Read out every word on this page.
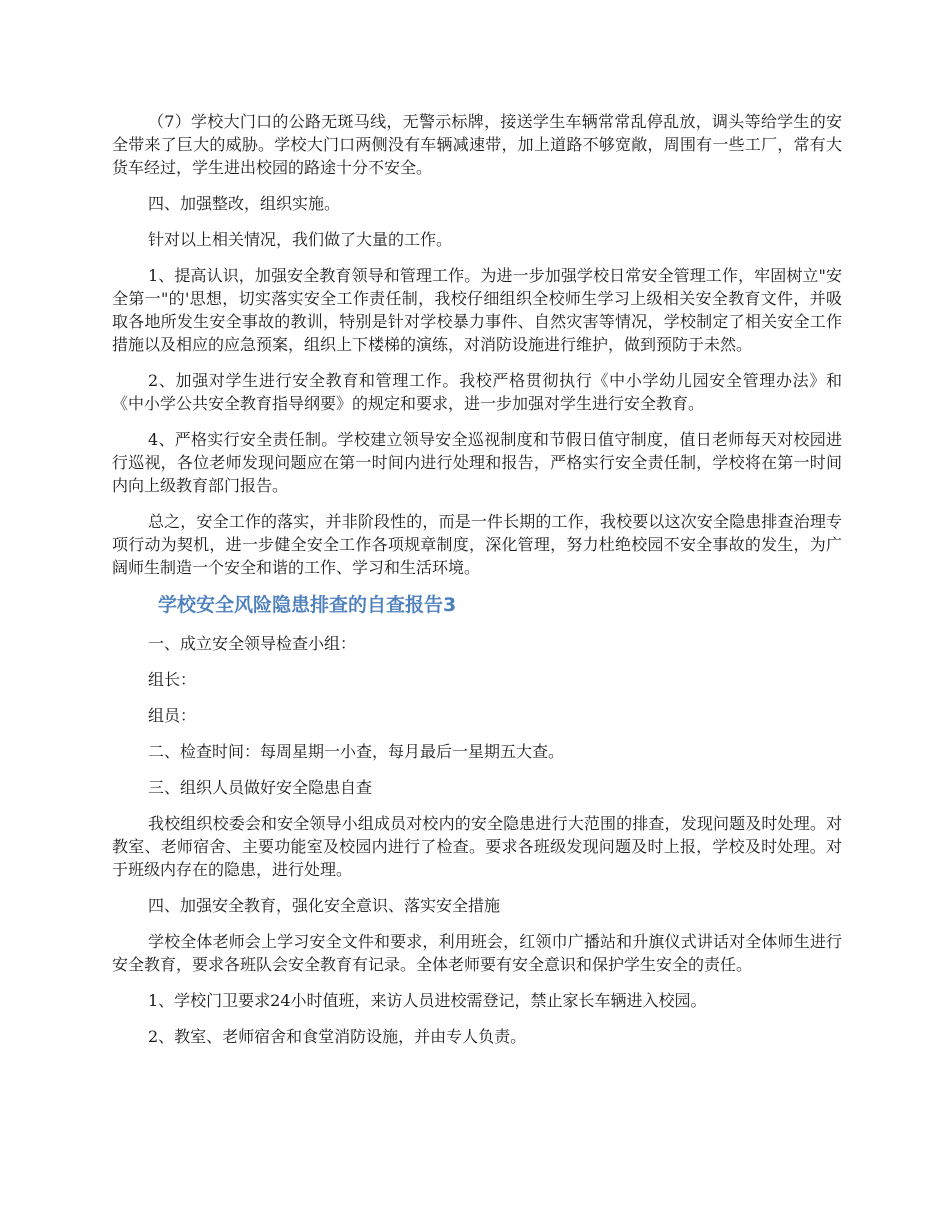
（7）学校大门口的公路无斑马线，无警示标牌，接送学生车辆常常乱停乱放，调头等给学生的安全带来了巨大的威胁。学校大门口两侧没有车辆减速带，加上道路不够宽敞，周围有一些工厂，常有大货车经过，学生进出校园的路途十分不安全。

四、加强整改，组织实施。

针对以上相关情况，我们做了大量的工作。

1、提高认识，加强安全教育领导和管理工作。为进一步加强学校日常安全管理工作，牢固树立"安全第一"的'思想，切实落实安全工作责任制，我校仔细组织全校师生学习上级相关安全教育文件，并吸取各地所发生安全事故的教训，特别是针对学校暴力事件、自然灾害等情况，学校制定了相关安全工作措施以及相应的应急预案，组织上下楼梯的演练，对消防设施进行维护，做到预防于未然。

2、加强对学生进行安全教育和管理工作。我校严格贯彻执行《中小学幼儿园安全管理办法》和《中小学公共安全教育指导纲要》的规定和要求，进一步加强对学生进行安全教育。

4、严格实行安全责任制。学校建立领导安全巡视制度和节假日值守制度，值日老师每天对校园进行巡视，各位老师发现问题应在第一时间内进行处理和报告，严格实行安全责任制，学校将在第一时间内向上级教育部门报告。

总之，安全工作的落实，并非阶段性的，而是一件长期的工作，我校要以这次安全隐患排查治理专项行动为契机，进一步健全安全工作各项规章制度，深化管理，努力杜绝校园不安全事故的发生，为广阔师生制造一个安全和谐的工作、学习和生活环境。

学校安全风险隐患排查的自查报告3

一、成立安全领导检查小组：

组长：

组员：

二、检查时间：每周星期一小查，每月最后一星期五大查。

三、组织人员做好安全隐患自查

我校组织校委会和安全领导小组成员对校内的安全隐患进行大范围的排查，发现问题及时处理。对教室、老师宿舍、主要功能室及校园内进行了检查。要求各班级发现问题及时上报，学校及时处理。对于班级内存在的隐患，进行处理。

四、加强安全教育，强化安全意识、落实安全措施

学校全体老师会上学习安全文件和要求，利用班会，红领巾广播站和升旗仪式讲话对全体师生进行安全教育，要求各班队会安全教育有记录。全体老师要有安全意识和保护学生安全的责任。

1、学校门卫要求24小时值班，来访人员进校需登记，禁止家长车辆进入校园。

2、教室、老师宿舍和食堂消防设施，并由专人负责。
